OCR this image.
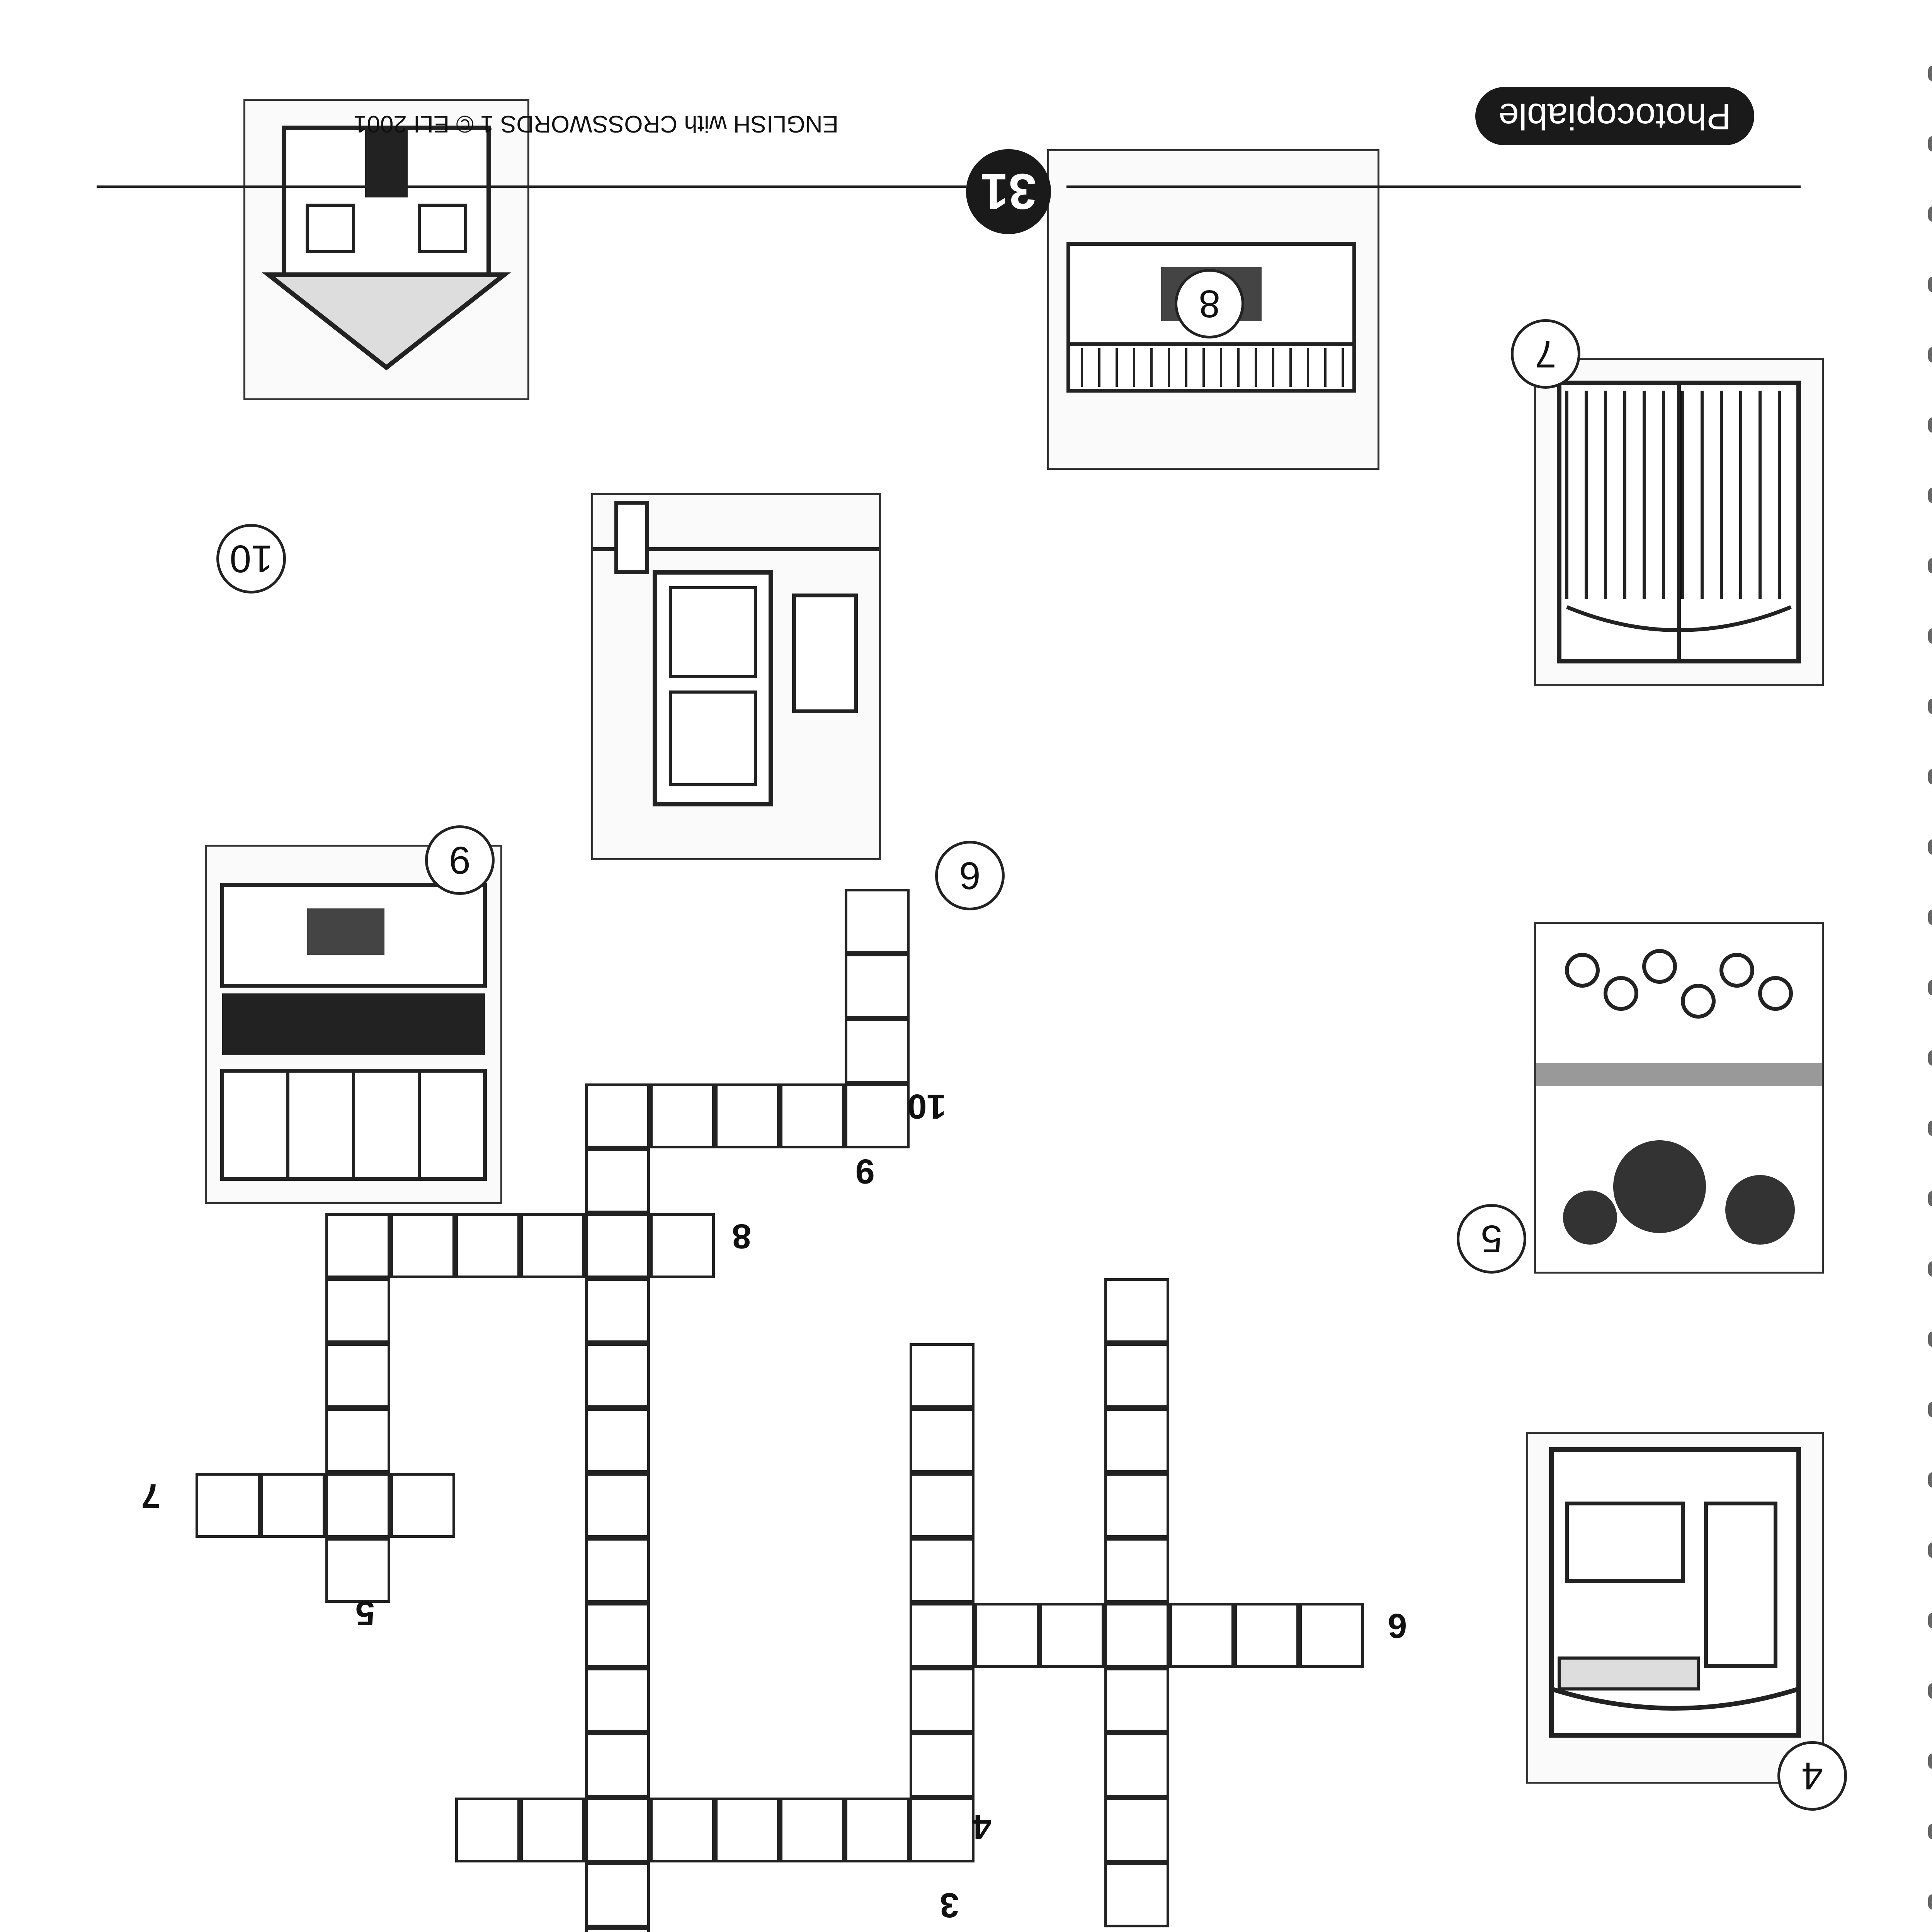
3
4
5	6
7
8
9
10
4
9
5
6
7
8
10
Photocopiable
31
ENGLISH with CROSSWORDS 1 © ELI 2001
